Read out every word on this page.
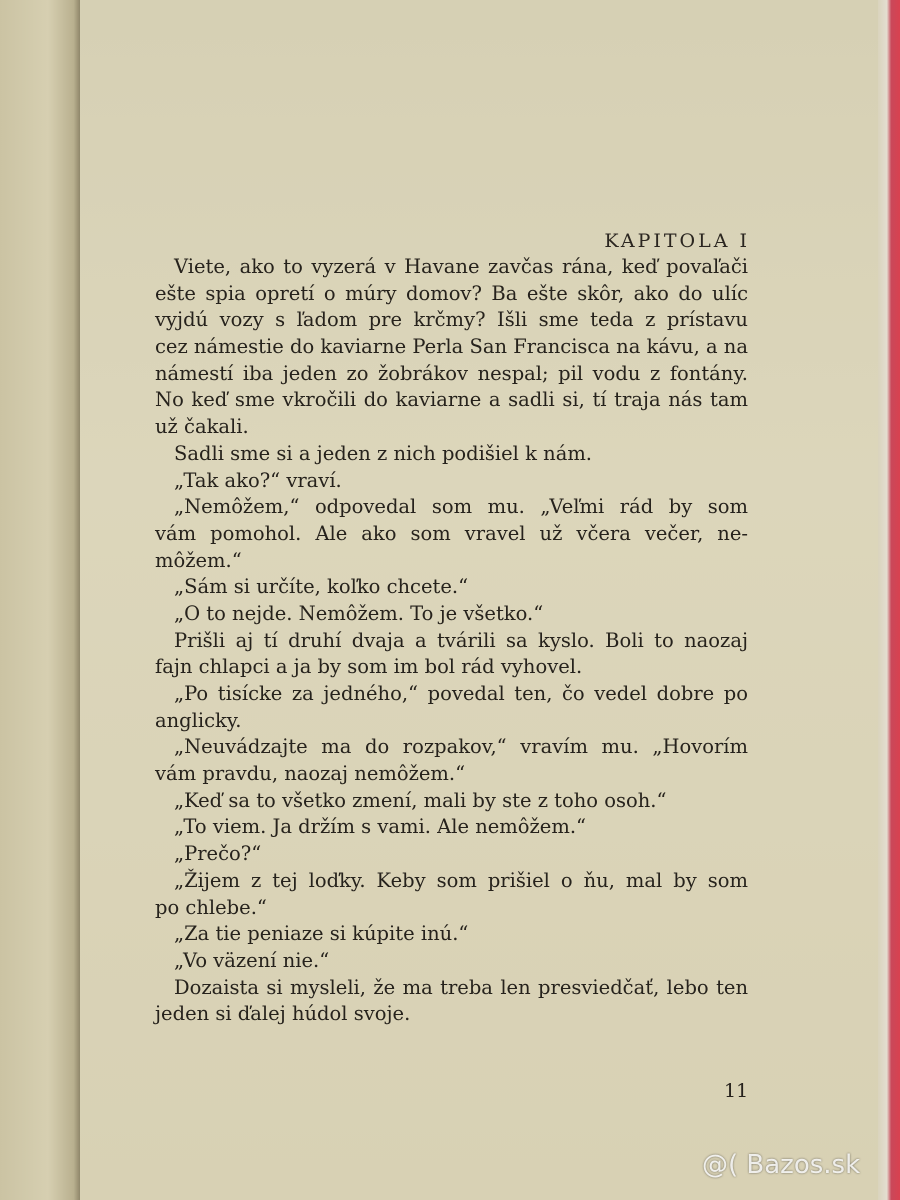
KAPITOLA I
Viete, ako to vyzerá v Havane zavčas rána, keď povaľači
ešte spia opretí o múry domov? Ba ešte skôr, ako do ulíc
vyjdú vozy s ľadom pre krčmy? Išli sme teda z prístavu
cez námestie do kaviarne Perla San Francisca na kávu, a na
námestí iba jeden zo žobrákov nespal; pil vodu z fontány.
No keď sme vkročili do kaviarne a sadli si, tí traja nás tam
už čakali.
Sadli sme si a jeden z nich podišiel k nám.
„Tak ako?“ vraví.
„Nemôžem,“ odpovedal som mu. „Veľmi rád by som
vám pomohol. Ale ako som vravel už včera večer, ne-
môžem.“
„Sám si určíte, koľko chcete.“
„O to nejde. Nemôžem. To je všetko.“
Prišli aj tí druhí dvaja a tvárili sa kyslo. Boli to naozaj
fajn chlapci a ja by som im bol rád vyhovel.
„Po tisícke za jedného,“ povedal ten, čo vedel dobre po
anglicky.
„Neuvádzajte ma do rozpakov,“ vravím mu. „Hovorím
vám pravdu, naozaj nemôžem.“
„Keď sa to všetko zmení, mali by ste z toho osoh.“
„To viem. Ja držím s vami. Ale nemôžem.“
„Prečo?“
„Žijem z tej loďky. Keby som prišiel o ňu, mal by som
po chlebe.“
„Za tie peniaze si kúpite inú.“
„Vo väzení nie.“
Dozaista si mysleli, že ma treba len presviedčať, lebo ten
jeden si ďalej húdol svoje.
11
@( Bazos.sk
